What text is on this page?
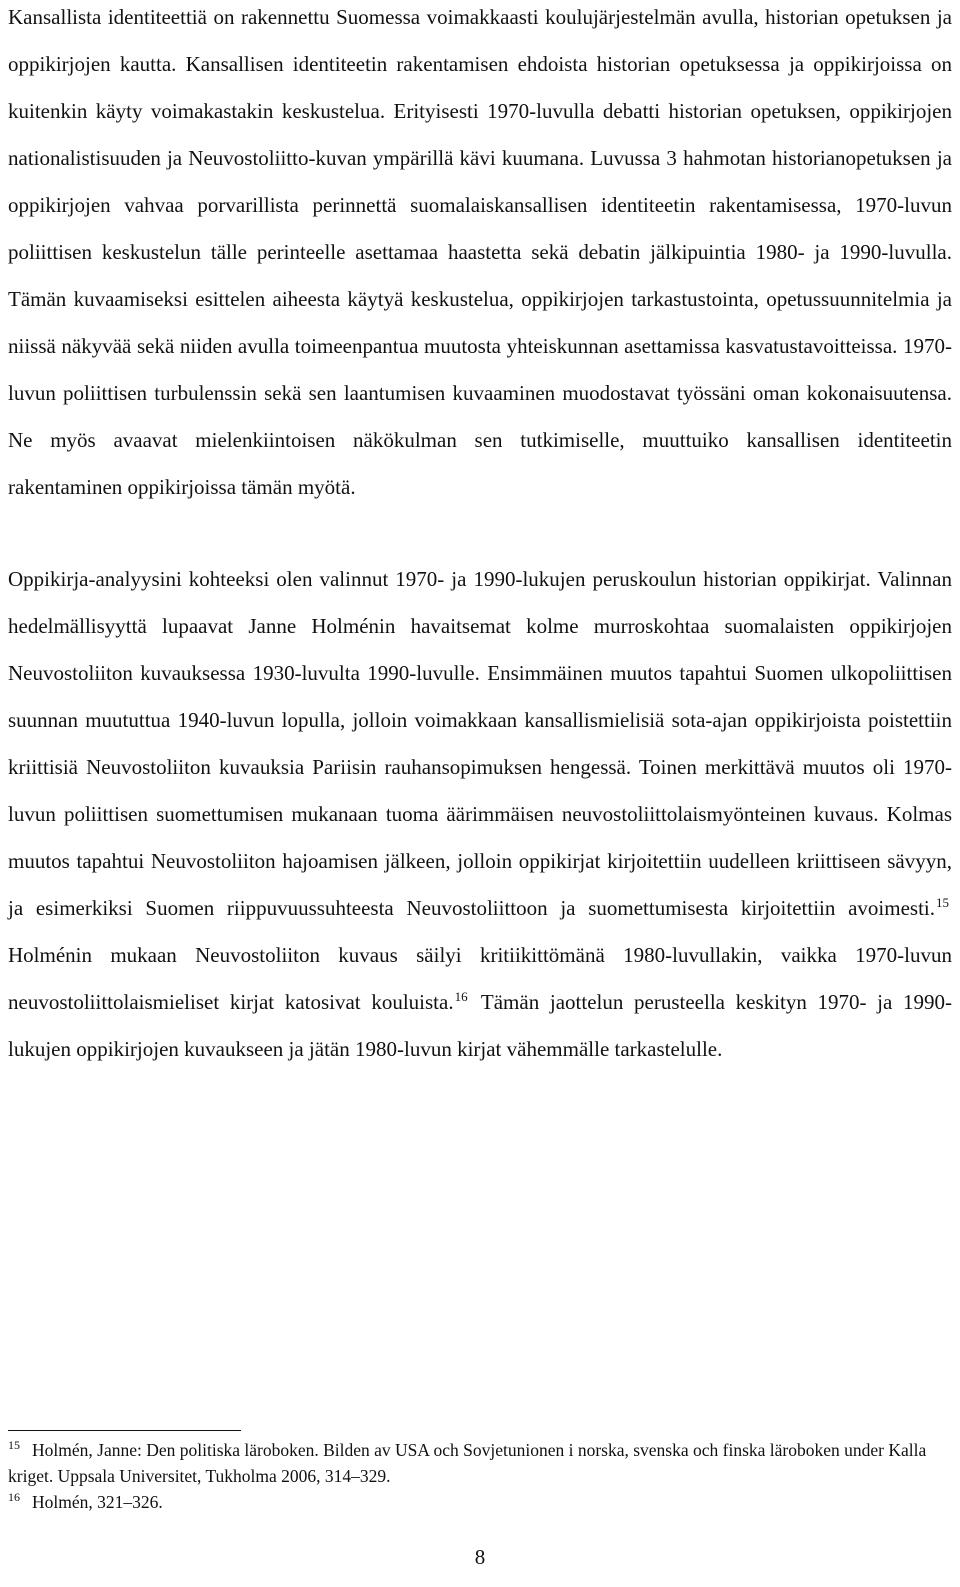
Kansallista identiteettiä on rakennettu Suomessa voimakkaasti koulujärjestelmän avulla, historian opetuksen ja oppikirjojen kautta. Kansallisen identiteetin rakentamisen ehdoista historian opetuksessa ja oppikirjoissa on kuitenkin käyty voimakastakin keskustelua. Erityisesti 1970-luvulla debatti historian opetuksen, oppikirjojen nationalistisuuden ja Neuvostoliitto-kuvan ympärillä kävi kuumana. Luvussa 3 hahmotan historianopetuksen ja oppikirjojen vahvaa porvarillista perinnettä suomalaiskansallisen identiteetin rakentamisessa, 1970-luvun poliittisen keskustelun tälle perinteelle asettamaa haastetta sekä debatin jälkipuintia 1980- ja 1990-luvulla. Tämän kuvaamiseksi esittelen aiheesta käytyä keskustelua, oppikirjojen tarkastustointa, opetussuunnitelmia ja niissä näkyvää sekä niiden avulla toimeenpantua muutosta yhteiskunnan asettamissa kasvatustavoitteissa. 1970-luvun poliittisen turbulenssin sekä sen laantumisen kuvaaminen muodostavat työssäni oman kokonaisuutensa. Ne myös avaavat mielenkiintoisen näkökulman sen tutkimiselle, muuttuiko kansallisen identiteetin rakentaminen oppikirjoissa tämän myötä.

Oppikirja-analyysini kohteeksi olen valinnut 1970- ja 1990-lukujen peruskoulun historian oppikirjat. Valinnan hedelmällisyyttä lupaavat Janne Holménin havaitsemat kolme murroskohtaa suomalaisten oppikirjojen Neuvostoliiton kuvauksessa 1930-luvulta 1990-luvulle. Ensimmäinen muutos tapahtui Suomen ulkopoliittisen suunnan muututtua 1940-luvun lopulla, jolloin voimakkaan kansallismielisiä sota-ajan oppikirjoista poistettiin kriittisiä Neuvostoliiton kuvauksia Pariisin rauhansopimuksen hengessä. Toinen merkittävä muutos oli 1970-luvun poliittisen suomettumisen mukanaan tuoma äärimmäisen neuvostoliittolaismyönteinen kuvaus. Kolmas muutos tapahtui Neuvostoliiton hajoamisen jälkeen, jolloin oppikirjat kirjoitettiin uudelleen kriittiseen sävyyn, ja esimerkiksi Suomen riippuvuussuhteesta Neuvostoliittoon ja suomettumisesta kirjoitettiin avoimesti.$^{15}$ Holménin mukaan Neuvostoliiton kuvaus säilyi kritiikittömänä 1980-luvullakin, vaikka 1970-luvun neuvostoliittolaismieliset kirjat katosivat kouluista.$^{16}$ Tämän jaottelun perusteella keskityn 1970- ja 1990-lukujen oppikirjojen kuvaukseen ja jätän 1980-luvun kirjat vähemmälle tarkastelulle.

15 Holmén, Janne: Den politiska läroboken. Bilden av USA och Sovjetunionen i norska, svenska och finska läroboken under Kalla kriget. Uppsala Universitet, Tukholma 2006, 314–329.

16 Holmén, 321–326.

8
